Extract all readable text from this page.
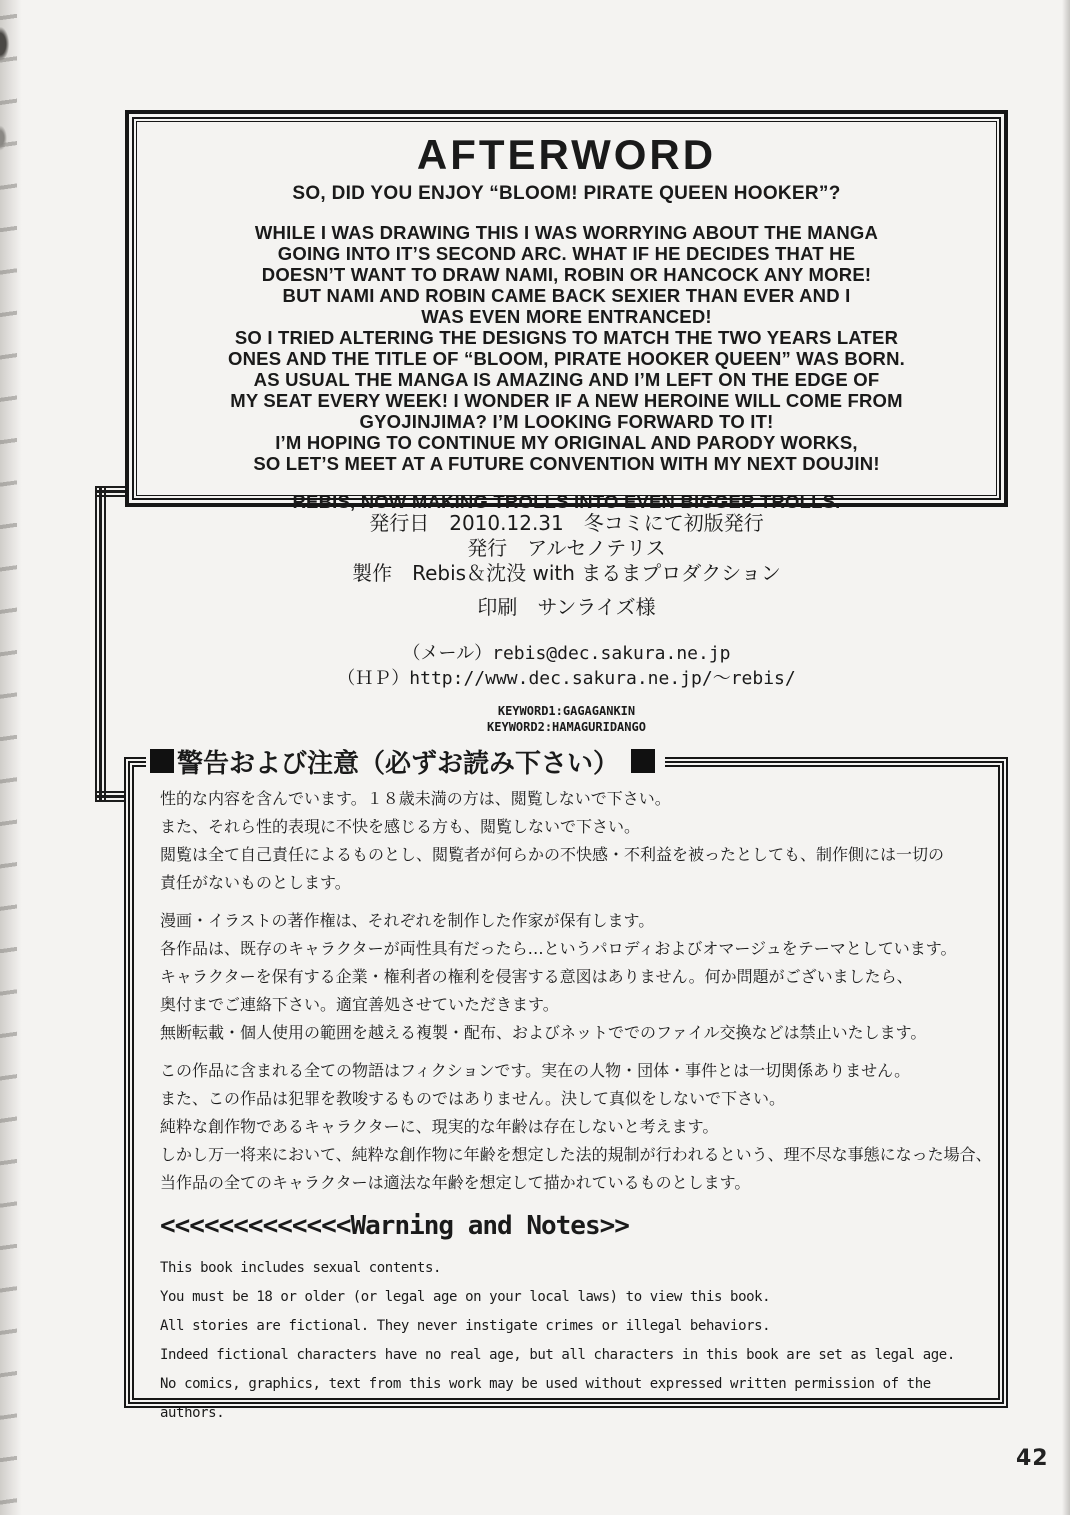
AFTERWORD
SO, DID YOU ENJOY “BLOOM! PIRATE QUEEN HOOKER”?
WHILE I WAS DRAWING THIS I WAS WORRYING ABOUT THE MANGA
GOING INTO IT’S SECOND ARC. WHAT IF HE DECIDES THAT HE
DOESN’T WANT TO DRAW NAMI, ROBIN OR HANCOCK ANY MORE!
BUT NAMI AND ROBIN CAME BACK SEXIER THAN EVER AND I
WAS EVEN MORE ENTRANCED!
SO I TRIED ALTERING THE DESIGNS TO MATCH THE TWO YEARS LATER
ONES AND THE TITLE OF “BLOOM, PIRATE HOOKER QUEEN” WAS BORN.
AS USUAL THE MANGA IS AMAZING AND I’M LEFT ON THE EDGE OF
MY SEAT EVERY WEEK! I WONDER IF A NEW HEROINE WILL COME FROM
GYOJINJIMA? I’M LOOKING FORWARD TO IT!
I’M HOPING TO CONTINUE MY ORIGINAL AND PARODY WORKS,
SO LET’S MEET AT A FUTURE CONVENTION WITH MY NEXT DOUJIN!
REBIS, NOW MAKING TROLLS INTO EVEN BIGGER TROLLS.
発行日　2010.12.31　冬コミにて初版発行
発行　アルセノテリス
製作　Rebis＆沈没 with まるまプロダクション
印刷　サンライズ様
（メール）rebis@dec.sakura.ne.jp
（ＨＰ）http://www.dec.sakura.ne.jp/～rebis/
KEYWORD1:GAGAGANKIN
KEYWORD2:HAMAGURIDANGO
性的な内容を含んでいます。１８歳未満の方は、閲覧しないで下さい。
また、それら性的表現に不快を感じる方も、閲覧しないで下さい。
閲覧は全て自己責任によるものとし、閲覧者が何らかの不快感・不利益を被ったとしても、制作側には一切の
責任がないものとします。
漫画・イラストの著作権は、それぞれを制作した作家が保有します。
各作品は、既存のキャラクターが両性具有だったら…というパロディおよびオマージュをテーマとしています。
キャラクターを保有する企業・権利者の権利を侵害する意図はありません。何か問題がございましたら、
奥付までご連絡下さい。適宜善処させていただきます。
無断転載・個人使用の範囲を越える複製・配布、およびネットででのファイル交換などは禁止いたします。
この作品に含まれる全ての物語はフィクションです。実在の人物・団体・事件とは一切関係ありません。
また、この作品は犯罪を教唆するものではありません。決して真似をしないで下さい。
純粋な創作物であるキャラクターに、現実的な年齢は存在しないと考えます。
しかし万一将来において、純粋な創作物に年齢を想定した法的規制が行われるという、理不尽な事態になった場合、
当作品の全てのキャラクターは適法な年齢を想定して描かれているものとします。
<<<<<<<<<<<<<Warning and Notes>>
This book includes sexual contents.
You must be 18 or older (or legal age on your local laws) to view this book.
All stories are fictional. They never instigate crimes or illegal behaviors.
Indeed fictional characters have no real age, but all characters in this book are set as legal age.
No comics, graphics, text from this work may be used without expressed written permission of the authors.
警告および注意（必ずお読み下さい）
42
